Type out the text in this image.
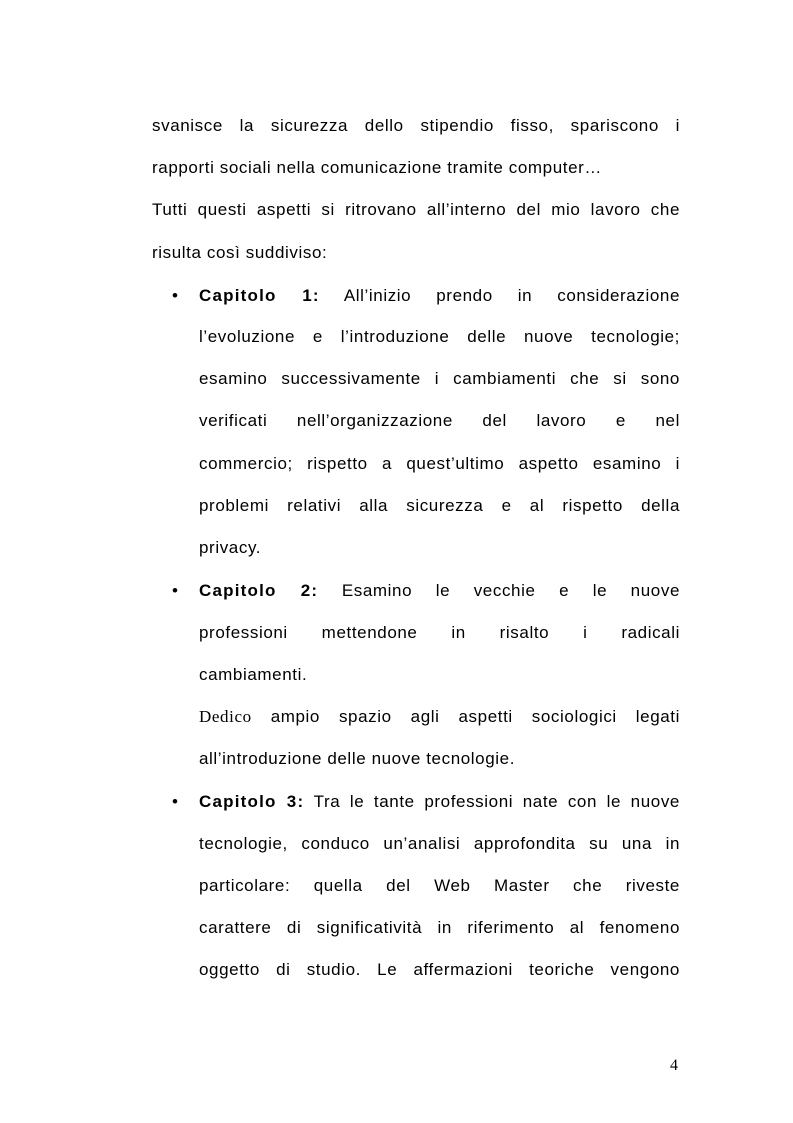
svanisce la sicurezza dello stipendio fisso, spariscono i
rapporti sociali nella comunicazione tramite computer…
Tutti questi aspetti si ritrovano all’interno del mio lavoro che
risulta così suddiviso:
•	Capitolo 1: All’inizio prendo in considerazione
l’evoluzione e l’introduzione delle nuove tecnologie;
esamino successivamente i cambiamenti che si sono
verificati nell’organizzazione del lavoro e nel
commercio; rispetto a quest’ultimo aspetto esamino i
problemi relativi alla sicurezza e al rispetto della
privacy.
•	Capitolo 2: Esamino le vecchie e le nuove
professioni mettendone in risalto i radicali
cambiamenti.
Dedico ampio spazio agli aspetti sociologici legati
all’introduzione delle nuove tecnologie.
•	Capitolo 3: Tra le tante professioni nate con le nuove
tecnologie, conduco un’analisi approfondita su una in
particolare: quella del Web Master che riveste
carattere di significatività in riferimento al fenomeno
oggetto di studio. Le affermazioni teoriche vengono
4
